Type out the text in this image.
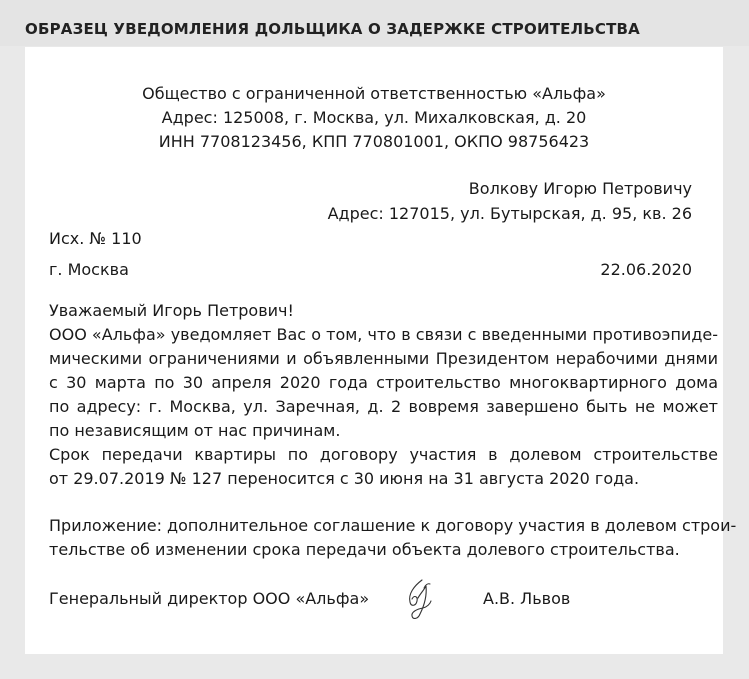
ОБРАЗЕЦ УВЕДОМЛЕНИЯ ДОЛЬЩИКА О ЗАДЕРЖКЕ СТРОИТЕЛЬСТВА
Общество с ограниченной ответственностью «Альфа»
Адрес: 125008, г. Москва, ул. Михалковская, д. 20
ИНН 7708123456, КПП 770801001, ОКПО 98756423
Волкову Игорю Петровичу
Адрес: 127015, ул. Бутырская, д. 95, кв. 26
Исх. № 110
г. Москва	22.06.2020
Уважаемый Игорь Петрович!
ООО «Альфа» уведомляет Вас о том, что в связи с введенными противоэпиде-
мическими ограничениями и объявленными Президентом нерабочими днями
с 30 марта по 30 апреля 2020 года строительство многоквартирного дома
по адресу: г. Москва, ул. Заречная, д. 2 вовремя завершено быть не может
по независящим от нас причинам.
Срок передачи квартиры по договору участия в долевом строительстве
от 29.07.2019 № 127 переносится с 30 июня на 31 августа 2020 года.
Приложение: дополнительное соглашение к договору участия в долевом строи-
тельстве об изменении срока передачи объекта долевого строительства.
Генеральный директор ООО «Альфа»	А.В. Львов
